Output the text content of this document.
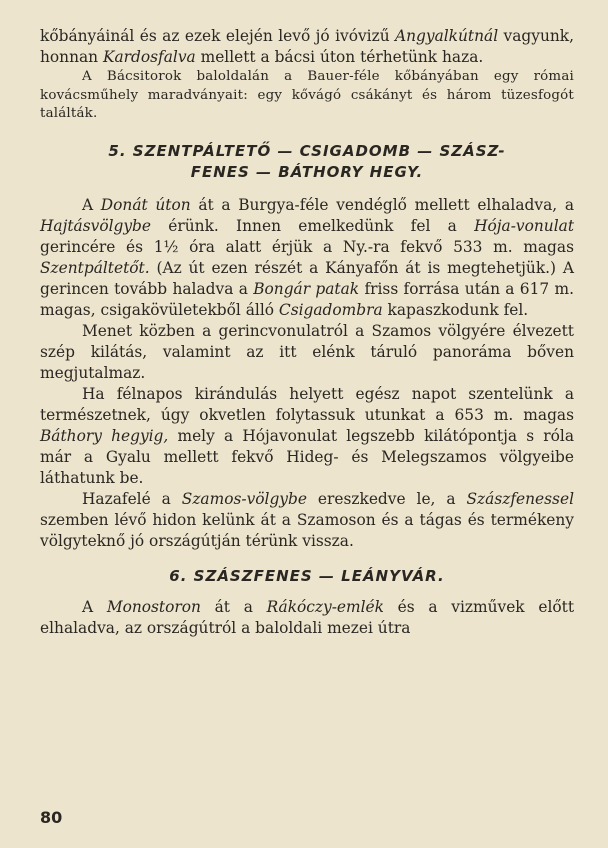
kőbányáinál és az ezek elején levő jó ivóvizű Angyalkútnál vagyunk, honnan Kardosfalva mellett a bácsi úton térhetünk haza.

A Bácsitorok baloldalán a Bauer-féle kőbányában egy római kovácsműhely maradványait: egy kővágó csákányt és három tüzesfogót találták.

5. SZENTPÁLTETŐ — CSIGADOMB — SZÁSZ-
FENES — BÁTHORY HEGY.

A Donát úton át a Burgya-féle vendéglő mellett elhaladva, a Hajtásvölgybe érünk. Innen emelkedünk fel a Hója-vonulat gerincére és 1½ óra alatt érjük a Ny.-ra fekvő 533 m. magas Szentpáltetőt. (Az út ezen részét a Kányafőn át is megtehetjük.) A gerincen tovább haladva a Bongár patak friss forrása után a 617 m. magas, csigakövületekből álló Csigadombra kapaszkodunk fel.

Menet közben a gerincvonulatról a Szamos völgyére élvezett szép kilátás, valamint az itt elénk táruló panoráma bőven megjutalmaz.

Ha félnapos kirándulás helyett egész napot szentelünk a természetnek, úgy okvetlen folytassuk utunkat a 653 m. magas Báthory hegyig, mely a Hójavonulat legszebb kilátópontja s róla már a Gyalu mellett fekvő Hideg- és Melegszamos völgyeibe láthatunk be.

Hazafelé a Szamos-völgybe ereszkedve le, a Szászfenessel szemben lévő hidon kelünk át a Szamoson és a tágas és termékeny völgyteknő jó országútján térünk vissza.

6. SZÁSZFENES — LEÁNYVÁR.

A Monostoron át a Rákóczy-emlék és a vizművek előtt elhaladva, az országútról a baloldali mezei útra

80
